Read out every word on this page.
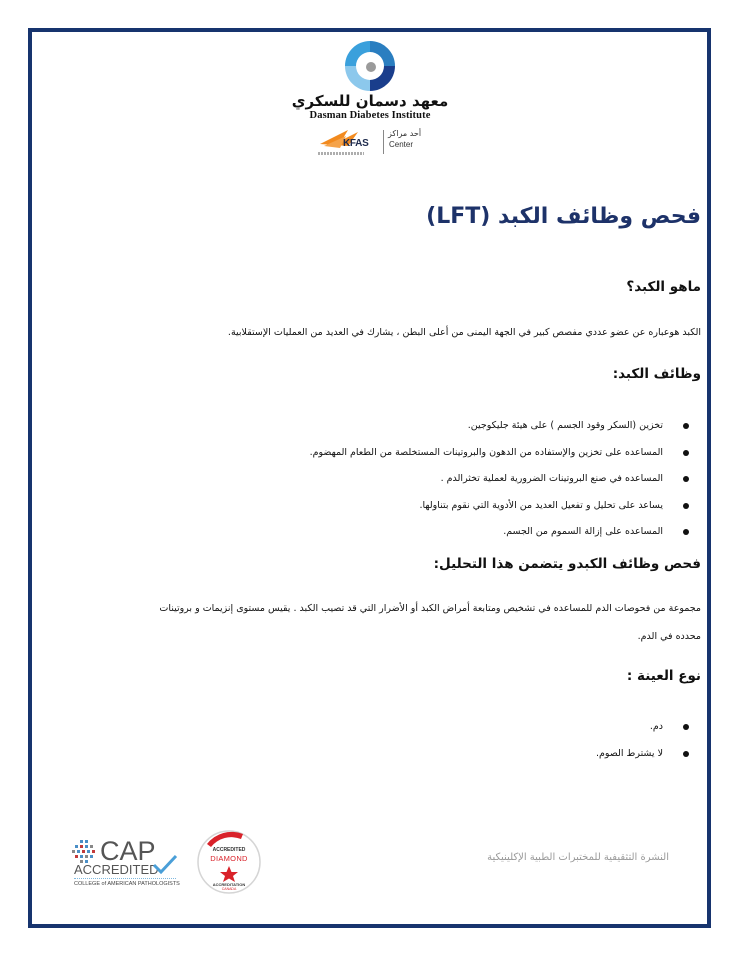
معهد دسمان للسكري
Dasman Diabetes Institute
KFAS
أحد مراكز
Center
فحص وظائف الكبد (LFT)
ماهو الكبد؟
الكبد هوعباره عن عضو عددي مفصص كبير في الجهة اليمنى من أعلى البطن ، يشارك في العديد من العمليات الإستقلابية.
وظائف الكبد:
تخزين (السكر وقود الجسم ) على هيئة جليكوجين.
المساعده على تخزين والإستفاده من الدهون والبروتينات المستخلصة من الطعام المهضوم.
المساعده في صنع البروتينات الضرورية لعملية تخثرالدم .
يساعد على تحليل و تفعيل العديد من الأدوية التي نقوم بتناولها.
المساعده على إزالة السموم من الجسم.
فحص وظائف الكبدو يتضمن هذا التحليل:
مجموعة من فحوصات الدم للمساعده في تشخيص ومتابعة أمراض الكبد أو الأضرار التي قد تصيب الكبد . يقيس مستوى إنزيمات و بروتينات
محدده في الدم.
نوع العينة :
دم.
لا يشترط الصوم.
CAP
ACCREDITED
COLLEGE of AMERICAN PATHOLOGISTS
ACCREDITED
DIAMOND
ACCREDITATION
CANADA
النشرة التثقيفية للمختبرات الطبية الإكلينيكية
